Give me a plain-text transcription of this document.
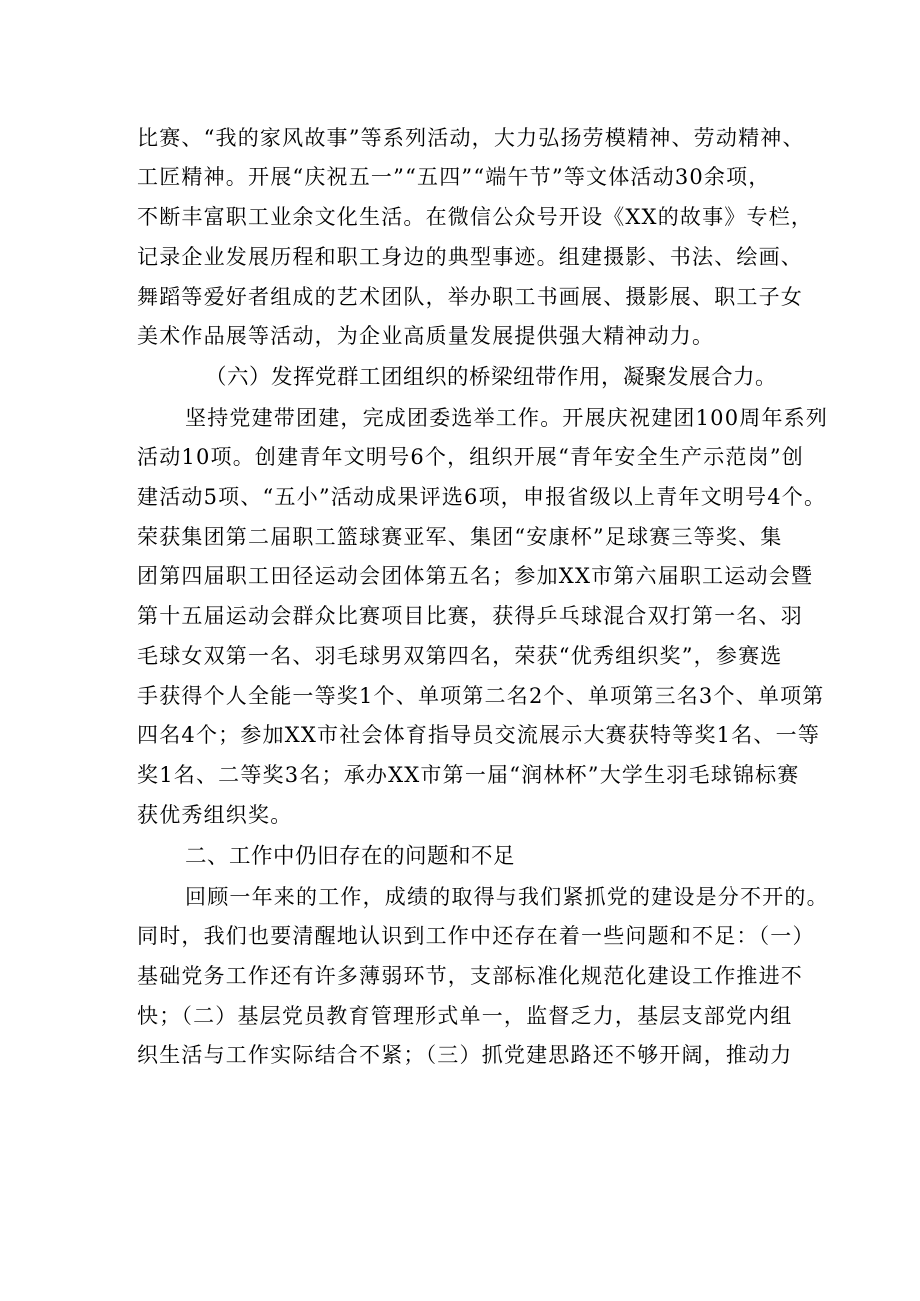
比赛、“我的家风故事”等系列活动，大力弘扬劳模精神、劳动精神、
工匠精神。开展“庆祝五一”“五四”“端午节”等文体活动30余项，
不断丰富职工业余文化生活。在微信公众号开设《XX的故事》专栏，
记录企业发展历程和职工身边的典型事迹。组建摄影、书法、绘画、
舞蹈等爱好者组成的艺术团队，举办职工书画展、摄影展、职工子女
美术作品展等活动，为企业高质量发展提供强大精神动力。
（六）发挥党群工团组织的桥梁纽带作用，凝聚发展合力。
坚持党建带团建，完成团委选举工作。开展庆祝建团100周年系列
活动10项。创建青年文明号6个，组织开展“青年安全生产示范岗”创
建活动5项、“五小”活动成果评选6项，申报省级以上青年文明号4个。
荣获集团第二届职工篮球赛亚军、集团“安康杯”足球赛三等奖、集
团第四届职工田径运动会团体第五名；参加XX市第六届职工运动会暨
第十五届运动会群众比赛项目比赛，获得乒乓球混合双打第一名、羽
毛球女双第一名、羽毛球男双第四名，荣获“优秀组织奖”，参赛选
手获得个人全能一等奖1个、单项第二名2个、单项第三名3个、单项第
四名4个；参加XX市社会体育指导员交流展示大赛获特等奖1名、一等
奖1名、二等奖3名；承办XX市第一届“润林杯”大学生羽毛球锦标赛
获优秀组织奖。
二、工作中仍旧存在的问题和不足
回顾一年来的工作，成绩的取得与我们紧抓党的建设是分不开的。
同时，我们也要清醒地认识到工作中还存在着一些问题和不足：（一）
基础党务工作还有许多薄弱环节，支部标准化规范化建设工作推进不
快；（二）基层党员教育管理形式单一，监督乏力，基层支部党内组
织生活与工作实际结合不紧；（三）抓党建思路还不够开阔，推动力
